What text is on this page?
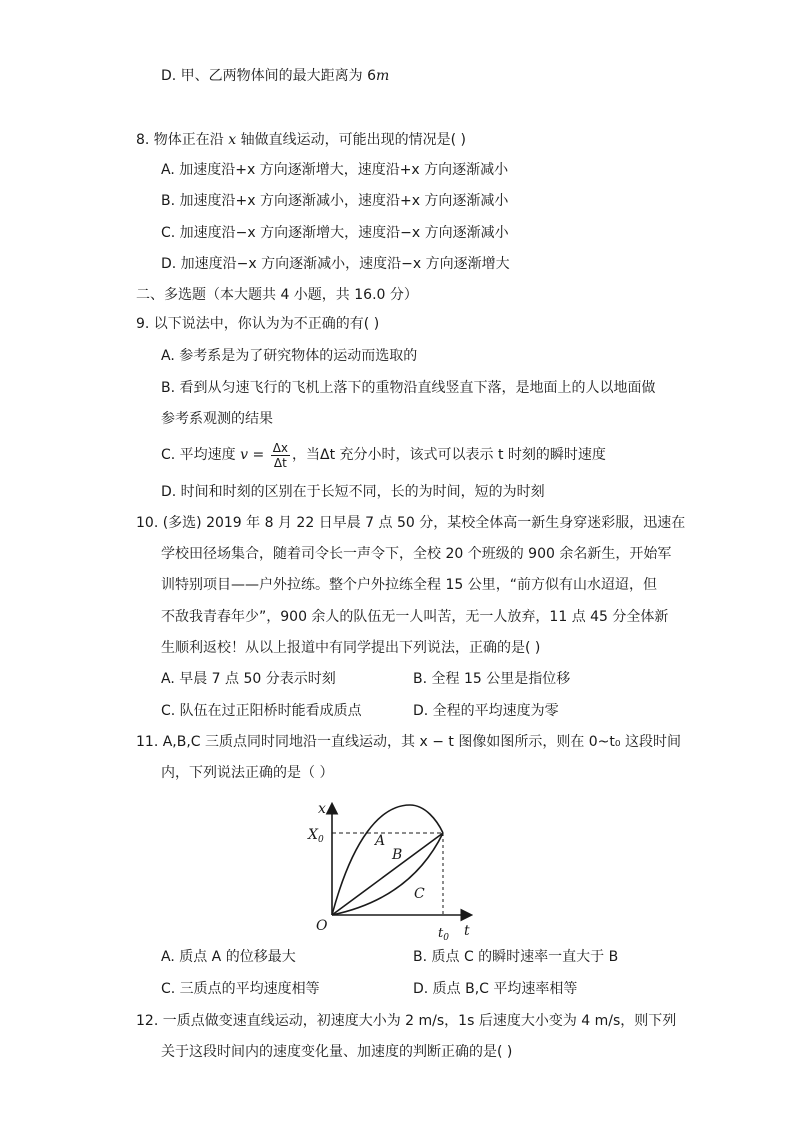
D. 甲、乙两物体间的最大距离为 6m
8. 物体正在沿 x 轴做直线运动，可能出现的情况是( )
A. 加速度沿+x 方向逐渐增大，速度沿+x 方向逐渐减小
B. 加速度沿+x 方向逐渐减小，速度沿+x 方向逐渐减小
C. 加速度沿−x 方向逐渐增大，速度沿−x 方向逐渐减小
D. 加速度沿−x 方向逐渐减小，速度沿−x 方向逐渐增大
二、多选题（本大题共 4 小题，共 16.0 分）
9. 以下说法中，你认为为不正确的有( )
A. 参考系是为了研究物体的运动而选取的
B. 看到从匀速飞行的飞机上落下的重物沿直线竖直下落，是地面上的人以地面做
参考系观测的结果
C. 平均速度 $v = \frac{\Delta x}{\Delta t}$ ，当Δt 充分小时，该式可以表示 t 时刻的瞬时速度
D. 时间和时刻的区别在于长短不同，长的为时间，短的为时刻
10. (多选) 2019 年 8 月 22 日早晨 7 点 50 分，某校全体高一新生身穿迷彩服，迅速在
学校田径场集合，随着司令长一声令下，全校 20 个班级的 900 余名新生，开始军
训特别项目——户外拉练。整个户外拉练全程 15 公里，“前方似有山水迢迢，但
不敌我青春年少”，900 余人的队伍无一人叫苦，无一人放弃，11 点 45 分全体新
生顺利返校！从以上报道中有同学提出下列说法，正确的是( )
A. 早晨 7 点 50 分表示时刻	B. 全程 15 公里是指位移
C. 队伍在过正阳桥时能看成质点	D. 全程的平均速度为零
11. A,B,C 三质点同时同地沿一直线运动，其 x − t 图像如图所示，则在 0~t₀ 这段时间
内，下列说法正确的是（ ）
x
t
O
$X_0$
$t_0$
A
B
C
A. 质点 A 的位移最大	B. 质点 C 的瞬时速率一直大于 B
C. 三质点的平均速度相等	D. 质点 B,C 平均速率相等
12. 一质点做变速直线运动，初速度大小为 2 m/s，1s 后速度大小变为 4 m/s，则下列
关于这段时间内的速度变化量、加速度的判断正确的是( )
